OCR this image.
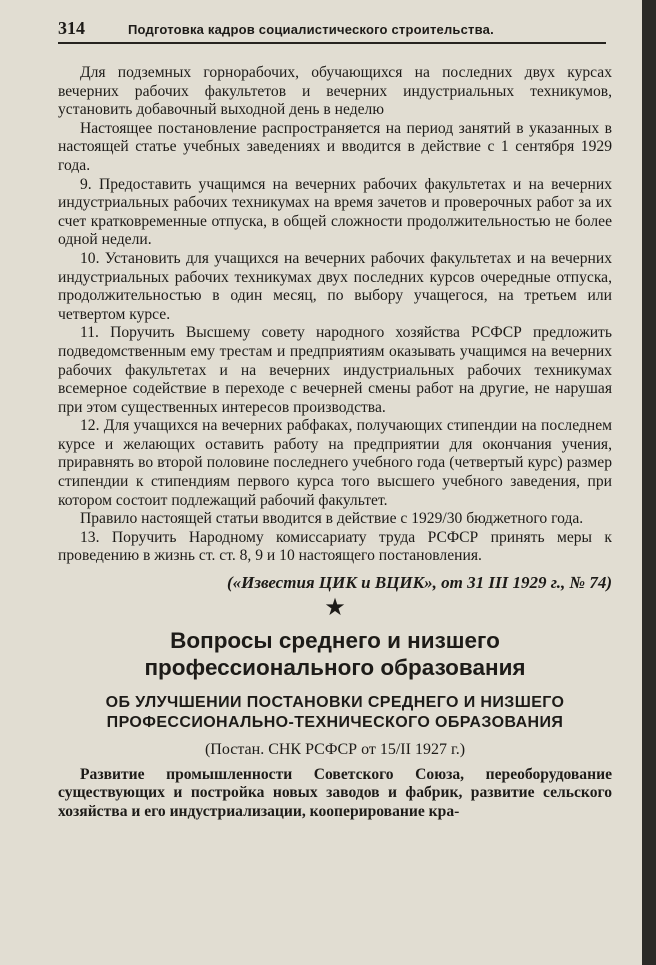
314	Подготовка кадров социалистического строительства.

Для подземных горнорабочих, обучающихся на последних двух курсах вечерних рабочих факультетов и вечерних индустриальных техникумов, установить добавочный выходной день в неделю

Настоящее постановление распространяется на период занятий в указанных в настоящей статье учебных заведениях и вводится в действие с 1 сентября 1929 года.

9. Предоставить учащимся на вечерних рабочих факультетах и на вечерних индустриальных рабочих техникумах на время зачетов и проверочных работ за их счет кратковременные отпуска, в общей сложности продолжительностью не более одной недели.

10. Установить для учащихся на вечерних рабочих факультетах и на вечерних индустриальных рабочих техникумах двух последних курсов очередные отпуска, продолжительностью в один месяц, по выбору учащегося, на третьем или четвертом курсе.

11. Поручить Высшему совету народного хозяйства РСФСР предложить подведомственным ему трестам и предприятиям оказывать учащимся на вечерних рабочих факультетах и на вечерних индустриальных рабочих техникумах всемерное содействие в переходе с вечерней смены работ на другие, не нарушая при этом существенных интересов производства.

12. Для учащихся на вечерних рабфаках, получающих стипендии на последнем курсе и желающих оставить работу на предприятии для окончания учения, приравнять во второй половине последнего учебного года (четвертый курс) размер стипендии к стипендиям первого курса того высшего учебного заведения, при котором состоит подлежащий рабочий факультет.

Правило настоящей статьи вводится в действие с 1929/30 бюджетного года.

13. Поручить Народному комиссариату труда РСФСР принять меры к проведению в жизнь ст. ст. 8, 9 и 10 настоящего постановления.

(«Известия ЦИК и ВЦИК», от 31 III 1929 г., № 74)
★
Вопросы среднего и низшего профессионального образования
ОБ УЛУЧШЕНИИ ПОСТАНОВКИ СРЕДНЕГО И НИЗШЕГО ПРОФЕССИОНАЛЬНО-ТЕХНИЧЕСКОГО ОБРАЗОВАНИЯ
(Постан. СНК РСФСР от 15/II 1927 г.)

Развитие промышленности Советского Союза, переоборудование существующих и постройка новых заводов и фабрик, развитие сельского хозяйства и его индустриализации, кооперирование кра-
